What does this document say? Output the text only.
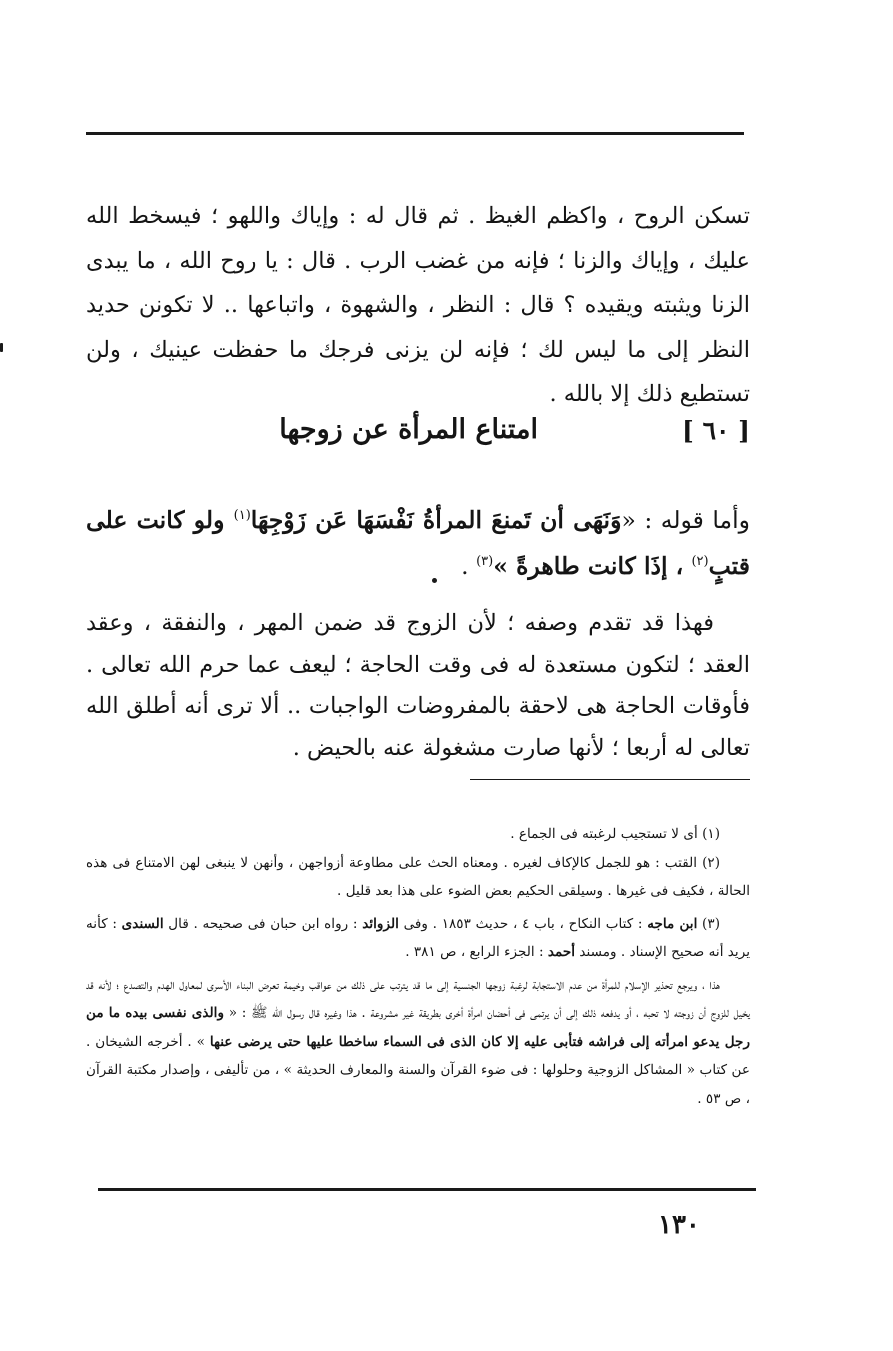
تسكن الروح ، واكظم الغيظ . ثم قال له : وإياك واللهو ؛ فيسخط الله عليك ، وإياك والزنا ؛ فإنه من غضب الرب . قال : يا روح الله ، ما يبدى الزنا ويثبته ويقيده ؟ قال : النظر ، والشهوة ، واتباعها .. لا تكونن حديد النظر إلى ما ليس لك ؛ فإنه لن يزنى فرجك ما حفظت عينيك ، ولن تستطيع ذلك إلا بالله .

[ ٦٠ ]
امتناع المرأة عن زوجها

وأما قوله : «وَنَهَى أن تَمنعَ المرأةُ نَفْسَهَا عَن زَوْجِهَا$^{(١)}$ ولو كانت على قتبٍ$^{(٢)}$ ، إذَا كانت طاهرةً »$^{(٣)}$ .

فهذا قد تقدم وصفه ؛ لأن الزوج قد ضمن المهر ، والنفقة ، وعقد العقد ؛ لتكون مستعدة له فى وقت الحاجة ؛ ليعف عما حرم الله تعالى . فأوقات الحاجة هى لاحقة بالمفروضات الواجبات .. ألا ترى أنه أطلق الله تعالى له أربعا ؛ لأنها صارت مشغولة عنه بالحيض .

(١) أى لا تستجيب لرغبته فى الجماع .

(٢) القتب : هو للجمل كالإكاف لغيره . ومعناه الحث على مطاوعة أزواجهن ، وأنهن لا ينبغى لهن الامتناع فى هذه الحالة ، فكيف فى غيرها . وسيلقى الحكيم بعض الضوء على هذا بعد قليل .

(٣) ابن ماجه : كتاب النكاح ، باب ٤ ، حديث ١٨٥٣ . وفى الزوائد : رواه ابن حبان فى صحيحه . قال السندى : كأنه يريد أنه صحيح الإسناد . ومسند أحمد : الجزء الرابع ، ص ٣٨١ .

هذا ، ويرجع تحذير الإسلام للمرأة من عدم الاستجابة لرغبة زوجها الجنسية إلى ما قد يترتب على ذلك من عواقب وخيمة تعرض البناء الأسرى لمعاول الهدم والتصدع ؛ لأنه قد يخيل للزوج أن زوجته لا تحبه ، أو يدفعه ذلك إلى أن يرتمى فى أحضان امرأة أخرى بطريقة غير مشروعة . هذا وغيره قال رسول الله ﷺ : « والذى نفسى بيده ما من رجل يدعو امرأته إلى فراشه فتأبى عليه إلا كان الذى فى السماء ساخطا عليها حتى يرضى عنها » . أخرجه الشيخان . عن كتاب « المشاكل الزوجية وحلولها : فى ضوء القرآن والسنة والمعارف الحديثة » ، من تأليفى ، وإصدار مكتبة القرآن ، ص ٥٣ .

١٣٠
